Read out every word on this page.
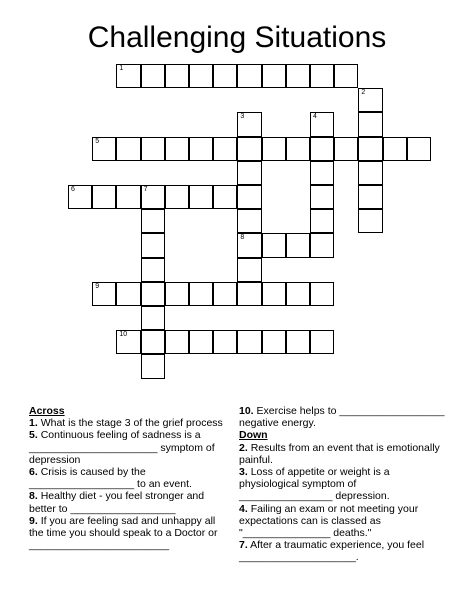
Challenging Situations
1
2
3
8
4
5
6	7
9
10
Across
1. What is the stage 3 of the grief process
5. Continuous feeling of sadness is a ______________________ symptom of depression
6. Crisis is caused by the __________________ to an event.
8. Healthy diet - you feel stronger and better to __________________
9. If you are feeling sad and unhappy all the time you should speak to a Doctor or ________________________
10. Exercise helps to __________________ negative energy.
Down
2. Results from an event that is emotionally painful.
3. Loss of appetite or weight is a physiological symptom of ________________ depression.
4. Failing an exam or not meeting your expectations can is classed as "_______________ deaths."
7. After a traumatic experience, you feel ____________________.
